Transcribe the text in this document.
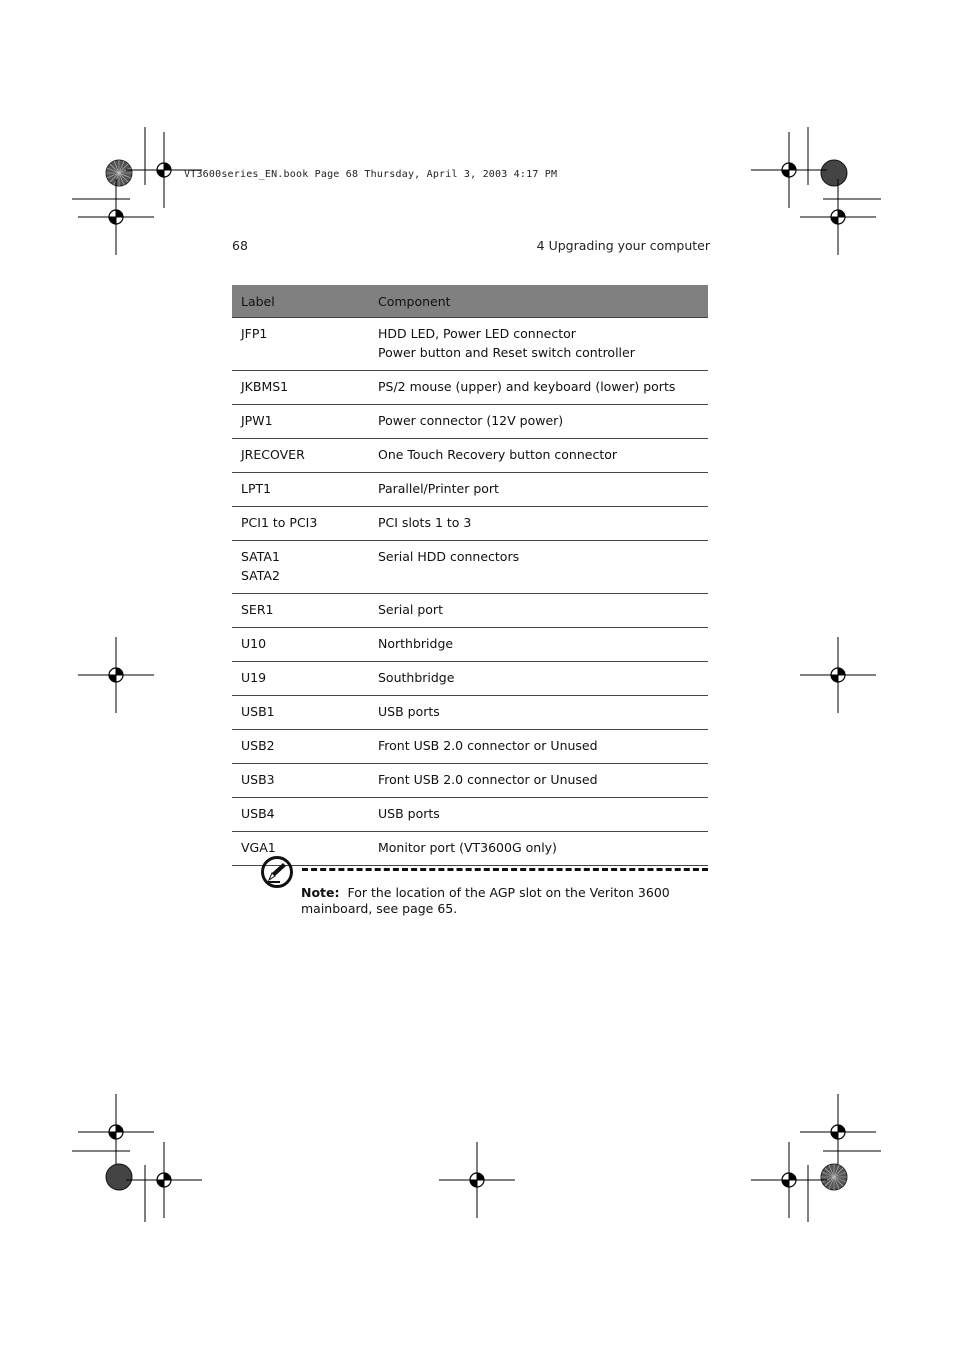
VT3600series_EN.book Page 68 Thursday, April 3, 2003 4:17 PM
68	4 Upgrading your computer
Label	Component

JFP1	HDD LED, Power LED connector
Power button and Reset switch controller

JKBMS1	PS/2 mouse (upper) and keyboard (lower) ports

JPW1	Power connector (12V power)

JRECOVER	One Touch Recovery button connector

LPT1	Parallel/Printer port

PCI1 to PCI3	PCI slots 1 to 3

SATA1
SATA2	Serial HDD connectors

SER1	Serial port

U10	Northbridge

U19	Southbridge

USB1	USB ports

USB2	Front USB 2.0 connector or Unused

USB3	Front USB 2.0 connector or Unused

USB4	USB ports

VGA1	Monitor port (VT3600G only)
Note: For the location of the AGP slot on the Veriton 3600 mainboard, see page 65.
